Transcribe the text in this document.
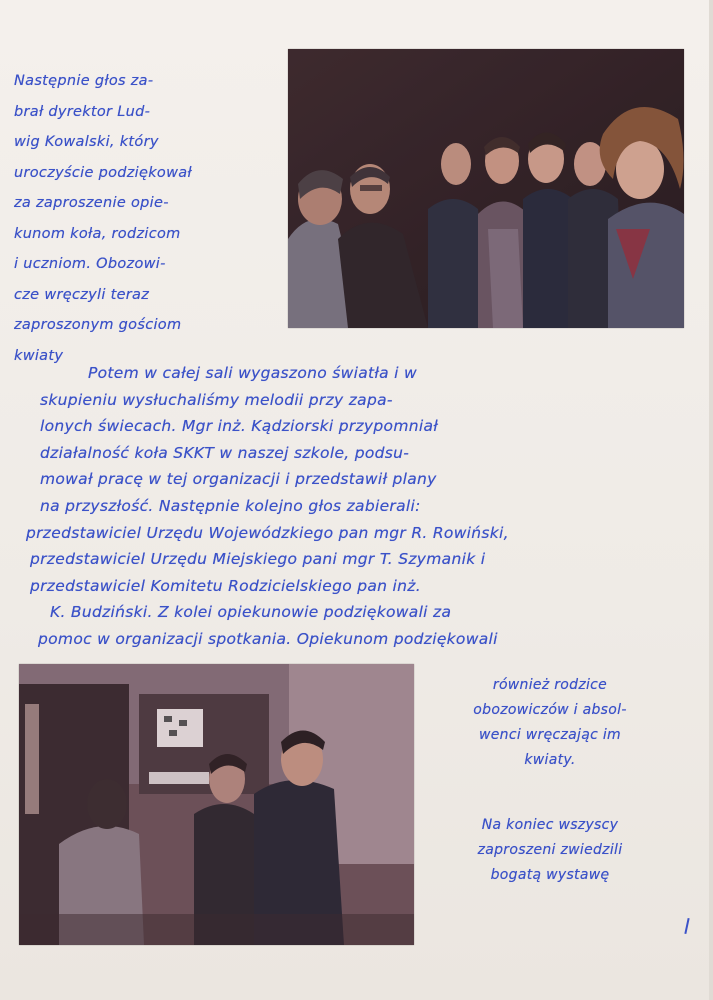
Następnie głos za-
brał dyrektor Lud-
wig Kowalski, który
uroczyście podziękował
za zaproszenie opie-
kunom koła, rodzicom
i uczniom. Obozowi-
cze wręczyli teraz
zaproszonym gościom
kwiaty
Potem w całej sali wygaszono światła i w
skupieniu wysłuchaliśmy melodii przy zapa-
lonych świecach. Mgr inż. Kądziorski przypomniał
działalność koła SKKT w naszej szkole, podsu-
mował pracę w tej organizacji i przedstawił plany
na przyszłość. Następnie kolejno głos zabierali:
przedstawiciel Urzędu Wojewódzkiego pan mgr R. Rowiński,
przedstawiciel Urzędu Miejskiego pani mgr T. Szymanik i
przedstawiciel Komitetu Rodzicielskiego pan inż.
K. Budziński. Z kolei opiekunowie podziękowali za
pomoc w organizacji spotkania. Opiekunom podziękowali
również rodzice
obozowiczów i absol-
wenci wręczając im
kwiaty.
Na koniec wszyscy
zaproszeni zwiedzili
bogatą wystawę
